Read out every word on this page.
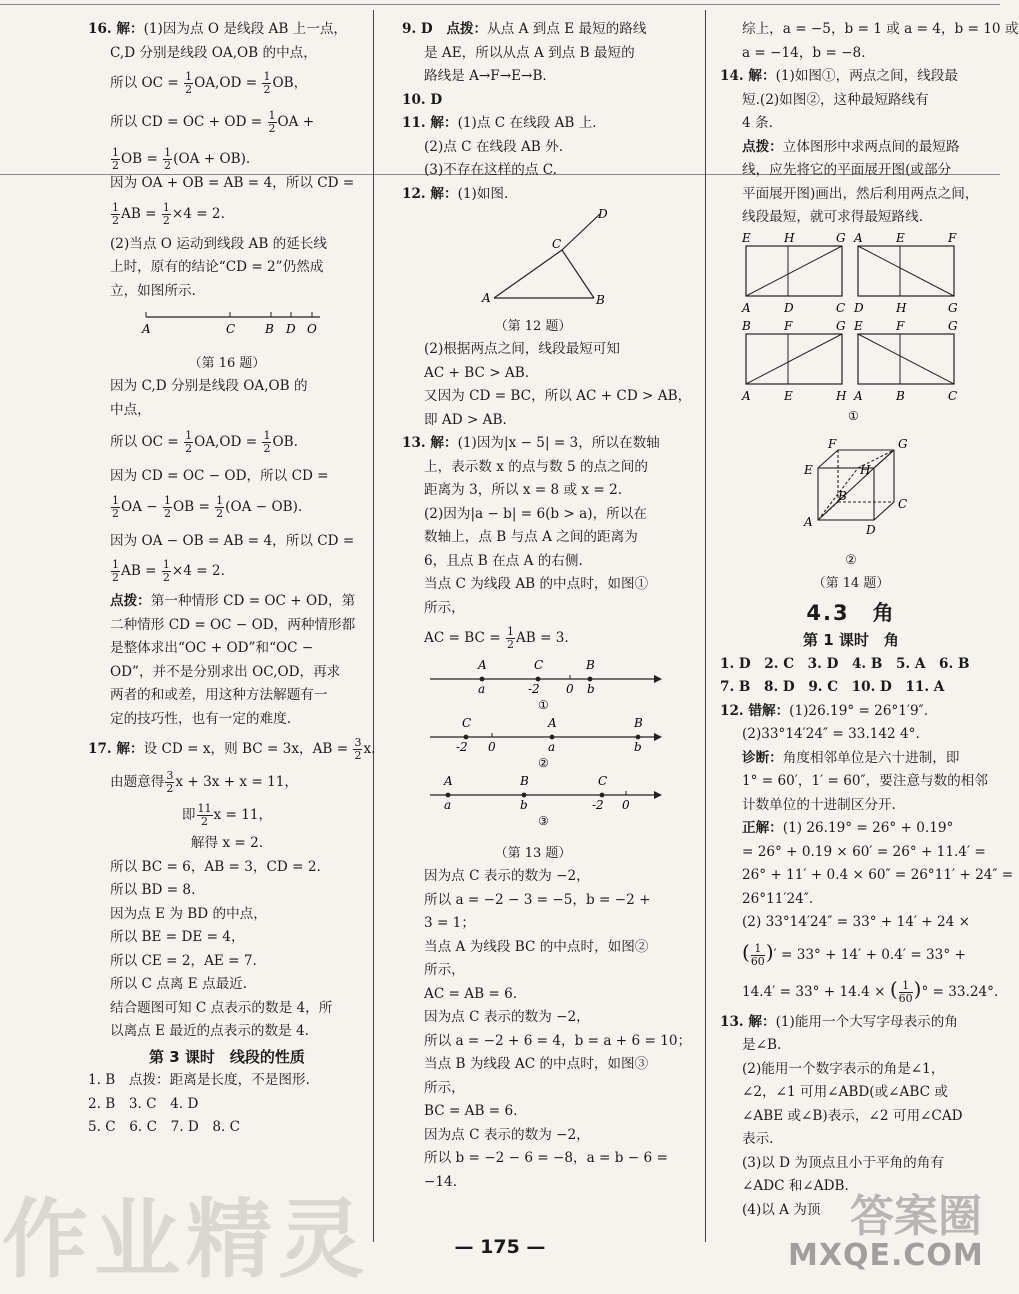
16. 解：(1)因为点 O 是线段 AB 上一点，
C,D 分别是线段 OA,OB 的中点，
所以 OC = $\frac{1}{2} OA,OD = \frac{1}{2}$ OB，
所以 CD = OC + OD = $\frac{1}{2}$ OA +
$\frac{1}{2}$ OB = $\frac{1}{2} (OA + OB)$.
因为 OA + OB = AB = 4，所以 CD =
$\frac{1}{2}$ AB = $\frac{1}{2} \times 4 = 2$.
(2)当点 O 运动到线段 AB 的延长线
上时，原有的结论“CD = 2”仍然成
立，如图所示.
A	C B D O
（第 16 题）
因为 C,D 分别是线段 OA,OB 的
中点，
所以 OC = $\frac{1}{2} OA,OD = \frac{1}{2}$ OB.
因为 CD = OC − OD，所以 CD =
$\frac{1}{2}$ OA − $\frac{1}{2}$ OB = $\frac{1}{2} (OA - OB)$.
因为 OA − OB = AB = 4，所以 CD =
$\frac{1}{2}$ AB = $\frac{1}{2} \times 4 = 2$.
点拨：第一种情形 CD = OC + OD，第
二种情形 CD = OC − OD，两种情形都
是整体求出“OC + OD”和“OC −
OD”，并不是分别求出 OC,OD，再求
两者的和或差，用这种方法解题有一
定的技巧性，也有一定的难度.
17. 解：设 CD = x，则 BC = 3x，AB = $\frac{3}{2} x$.
由题意得 $\frac{3}{2}$ x + 3x + x = 11，
即 $\frac{11}{2}$ x = 11，
解得 x = 2.
所以 BC = 6，AB = 3，CD = 2.
所以 BD = 8.
因为点 E 为 BD 的中点，
所以 BE = DE = 4，
所以 CE = 2，AE = 7.
所以 C 点离 E 点最近.
结合题图可知 C 点表示的数是 4，所
以离点 E 最近的点表示的数是 4.
第 3 课时　线段的性质
1. B　点拨：距离是长度，不是图形.
2. B　3. C　4. D
5. C　6. C　7. D　8. C
9. D　点拨：从点 A 到点 E 最短的路线
是 AE，所以从点 A 到点 B 最短的
路线是 A→F→E→B.
10. D
11. 解：(1)点 C 在线段 AB 上.
(2)点 C 在线段 AB 外.
(3)不存在这样的点 C.
12. 解：(1)如图.
A
C
B
D
（第 12 题）
(2)根据两点之间，线段最短可知
AC + BC > AB.
又因为 CD = BC，所以 AC + CD > AB，
即 AD > AB.
13. 解：(1)因为|x − 5| = 3，所以在数轴
上，表示数 x 的点与数 5 的点之间的
距离为 3，所以 x = 8 或 x = 2.
(2)因为|a − b| = 6(b > a)，所以在
数轴上，点 B 与点 A 之间的距离为
6，且点 B 在点 A 的右侧.
当点 C 为线段 AB 的中点时，如图①
所示，
AC = BC = $\frac{1}{2}$ AB = 3.
A	C	B
a	-2 0 b
①
C	A	B
-2 0	a	b
②
A	B	C
a	b	-2 0
③
（第 13 题）
因为点 C 表示的数为 −2，
所以 a = −2 − 3 = −5，b = −2 +
3 = 1；
当点 A 为线段 BC 的中点时，如图②
所示，
AC = AB = 6.
因为点 C 表示的数为 −2，
所以 a = −2 + 6 = 4，b = a + 6 = 10；
当点 B 为线段 AC 的中点时，如图③
所示，
BC = AB = 6.
因为点 C 表示的数为 −2，
所以 b = −2 − 6 = −8，a = b − 6 =
−14.
综上，a = −5，b = 1 或 a = 4，b = 10 或
a = −14，b = −8.
14. 解：(1)如图①，两点之间，线段最
短.(2)如图②，这种最短路线有
4 条.
点拨：立体图形中求两点间的最短路
线，应先将它的平面展开图(或部分
平面展开图)画出，然后利用两点之间，
线段最短，就可求得最短路线.
E	H	G
A	D	C
A	E	F
D	H	G
B	F	G
A	E	H
E	F	G
A	B	C
①

F	G
E	H
B
C
A
D
②
（第 14 题）
4.3　角
第 1 课时　角
1. D　2. C　3. D　4. B　5. A　6. B
7. B　8. D　9. C　10. D　11. A
12. 错解：(1)26.19° = 26°1′9″.
(2)33°14′24″ = 33.142 4°.
诊断：角度相邻单位是六十进制，即
1° = 60′，1′ = 60″，要注意与数的相邻
计数单位的十进制区分开.
正解：(1) 26.19° = 26° + 0.19°
= 26° + 0.19 × 60′ = 26° + 11.4′ =
26° + 11′ + 0.4 × 60″ = 26°11′ + 24″ =
26°11′24″.
(2) 33°14′24″ = 33° + 14′ + 24 ×
( $\frac{1}{60}$ )′ = 33° + 14′ + 0.4′ = 33° +
14.4′ = 33° + 14.4 × ( $\frac{1}{60}$ )° = 33.24°.
13. 解：(1)能用一个大写字母表示的角
是∠B.
(2)能用一个数字表示的角是∠1，
∠2，∠1 可用∠ABD(或∠ABC 或
∠ABE 或∠B)表示，∠2 可用∠CAD
表示.
(3)以 D 为顶点且小于平角的角有
∠ADC 和∠ADB.
(4)以 A 为顶
— 175 —
作业精灵	答案圈
MXQE.COM
